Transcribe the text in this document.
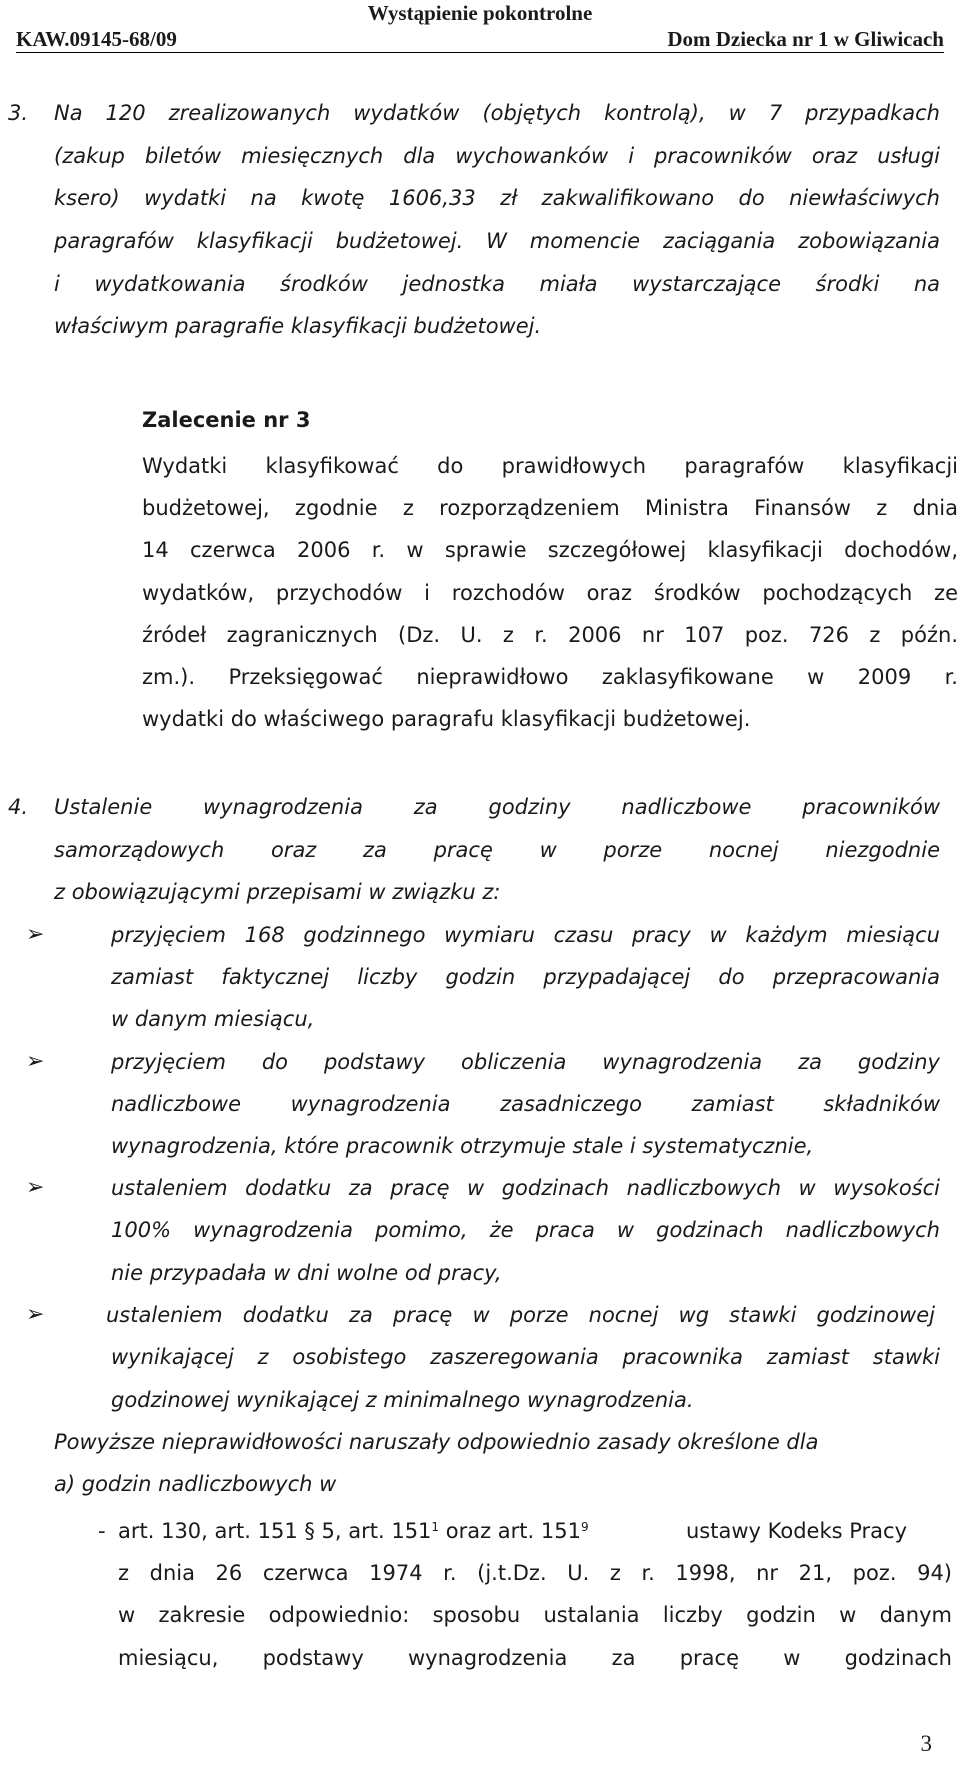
Wystąpienie pokontrolne
KAW.09145-68/09	Dom Dziecka nr 1 w Gliwicach
3. Na 120 zrealizowanych wydatków (objętych kontrolą), w 7 przypadkach
(zakup biletów miesięcznych dla wychowanków i pracowników oraz usługi
ksero) wydatki na kwotę 1606,33 zł zakwalifikowano do niewłaściwych
paragrafów klasyfikacji budżetowej. W momencie zaciągania zobowiązania
i wydatkowania środków jednostka miała wystarczające środki na
właściwym paragrafie klasyfikacji budżetowej.
Zalecenie nr 3
Wydatki klasyfikować do prawidłowych paragrafów klasyfikacji
budżetowej, zgodnie z rozporządzeniem Ministra Finansów z dnia
14 czerwca 2006 r. w sprawie szczegółowej klasyfikacji dochodów,
wydatków, przychodów i rozchodów oraz środków pochodzących ze
źródeł zagranicznych (Dz. U. z r. 2006 nr 107 poz. 726 z późn.
zm.). Przeksięgować nieprawidłowo zaklasyfikowane w 2009 r.
wydatki do właściwego paragrafu klasyfikacji budżetowej.
4. Ustalenie wynagrodzenia za godziny nadliczbowe pracowników
samorządowych oraz za pracę w porze nocnej niezgodnie
z obowiązującymi przepisami w związku z:
➢	przyjęciem 168 godzinnego wymiaru czasu pracy w każdym miesiącu
zamiast faktycznej liczby godzin przypadającej do przepracowania
w danym miesiącu,
➢	przyjęciem do podstawy obliczenia wynagrodzenia za godziny
nadliczbowe wynagrodzenia zasadniczego zamiast składników
wynagrodzenia, które pracownik otrzymuje stale i systematycznie,
➢	ustaleniem dodatku za pracę w godzinach nadliczbowych w wysokości
100% wynagrodzenia pomimo, że praca w godzinach nadliczbowych
nie przypadała w dni wolne od pracy,
➢	ustaleniem dodatku za pracę w porze nocnej wg stawki godzinowej
wynikającej z osobistego zaszeregowania pracownika zamiast stawki
godzinowej wynikającej z minimalnego wynagrodzenia.
Powyższe nieprawidłowości naruszały odpowiednio zasady określone dla
a) godzin nadliczbowych w
- art. 130, art. 151 § 5, art. $151^1$ oraz art. $151^9$	ustawy Kodeks Pracy
z dnia 26 czerwca 1974 r. (j.t.Dz. U. z r. 1998, nr 21, poz. 94)
w zakresie odpowiednio: sposobu ustalania liczby godzin w danym
miesiącu, podstawy wynagrodzenia za pracę w godzinach
3
